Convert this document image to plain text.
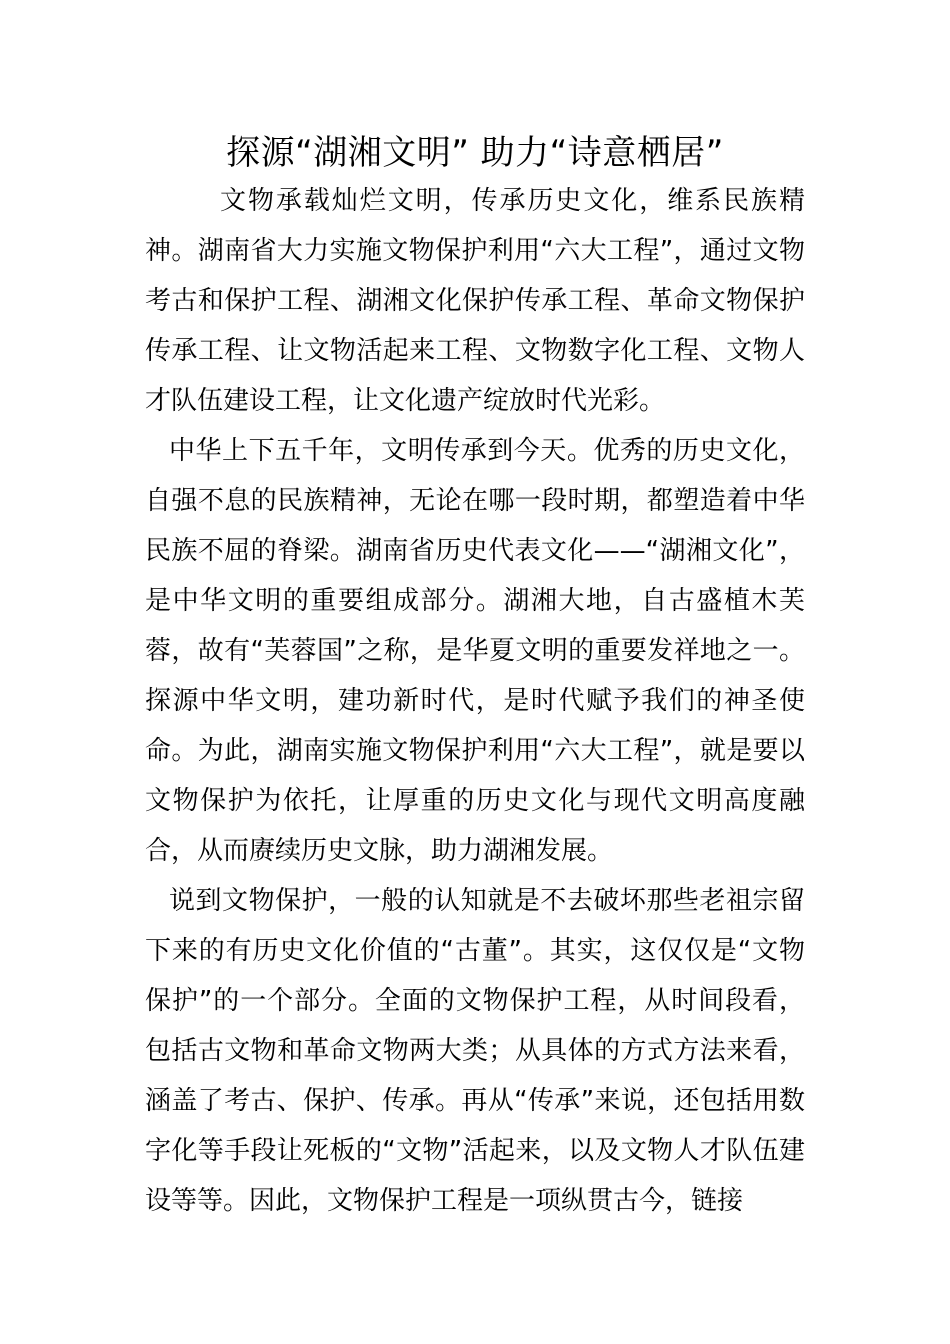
探源“湖湘文明” 助力“诗意栖居”

文物承载灿烂文明，传承历史文化，维系民族精神。湖南省大力实施文物保护利用“六大工程”，通过文物考古和保护工程、湖湘文化保护传承工程、革命文物保护传承工程、让文物活起来工程、文物数字化工程、文物人才队伍建设工程，让文化遗产绽放时代光彩。

中华上下五千年，文明传承到今天。优秀的历史文化，自强不息的民族精神，无论在哪一段时期，都塑造着中华民族不屈的脊梁。湖南省历史代表文化——“湖湘文化”，是中华文明的重要组成部分。湖湘大地，自古盛植木芙蓉，故有“芙蓉国”之称，是华夏文明的重要发祥地之一。探源中华文明，建功新时代，是时代赋予我们的神圣使命。为此，湖南实施文物保护利用“六大工程”，就是要以文物保护为依托，让厚重的历史文化与现代文明高度融合，从而赓续历史文脉，助力湖湘发展。

说到文物保护，一般的认知就是不去破坏那些老祖宗留下来的有历史文化价值的“古董”。其实，这仅仅是“文物保护”的一个部分。全面的文物保护工程，从时间段看，包括古文物和革命文物两大类；从具体的方式方法来看，涵盖了考古、保护、传承。再从“传承”来说，还包括用数字化等手段让死板的“文物”活起来，以及文物人才队伍建设等等。因此，文物保护工程是一项纵贯古今，链接
